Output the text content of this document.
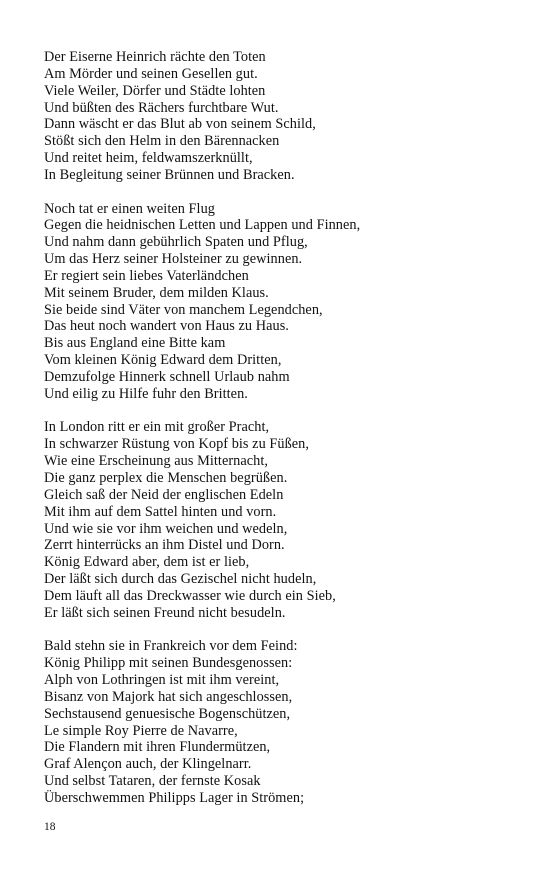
Der Eiserne Heinrich rächte den Toten
Am Mörder und seinen Gesellen gut.
Viele Weiler, Dörfer und Städte lohten
Und büßten des Rächers furchtbare Wut.
Dann wäscht er das Blut ab von seinem Schild,
Stößt sich den Helm in den Bärennacken
Und reitet heim, feldwamszerknüllt,
In Begleitung seiner Brünnen und Bracken.
Noch tat er einen weiten Flug
Gegen die heidnischen Letten und Lappen und Finnen,
Und nahm dann gebührlich Spaten und Pflug,
Um das Herz seiner Holsteiner zu gewinnen.
Er regiert sein liebes Vaterländchen
Mit seinem Bruder, dem milden Klaus.
Sie beide sind Väter von manchem Legendchen,
Das heut noch wandert von Haus zu Haus.
Bis aus England eine Bitte kam
Vom kleinen König Edward dem Dritten,
Demzufolge Hinnerk schnell Urlaub nahm
Und eilig zu Hilfe fuhr den Britten.
In London ritt er ein mit großer Pracht,
In schwarzer Rüstung von Kopf bis zu Füßen,
Wie eine Erscheinung aus Mitternacht,
Die ganz perplex die Menschen begrüßen.
Gleich saß der Neid der englischen Edeln
Mit ihm auf dem Sattel hinten und vorn.
Und wie sie vor ihm weichen und wedeln,
Zerrt hinterrücks an ihm Distel und Dorn.
König Edward aber, dem ist er lieb,
Der läßt sich durch das Gezischel nicht hudeln,
Dem läuft all das Dreckwasser wie durch ein Sieb,
Er läßt sich seinen Freund nicht besudeln.
Bald stehn sie in Frankreich vor dem Feind:
König Philipp mit seinen Bundesgenossen:
Alph von Lothringen ist mit ihm vereint,
Bisanz von Majork hat sich angeschlossen,
Sechstausend genuesische Bogenschützen,
Le simple Roy Pierre de Navarre,
Die Flandern mit ihren Flundermützen,
Graf Alençon auch, der Klingelnarr.
Und selbst Tataren, der fernste Kosak
Überschwemmen Philipps Lager in Strömen;
18
